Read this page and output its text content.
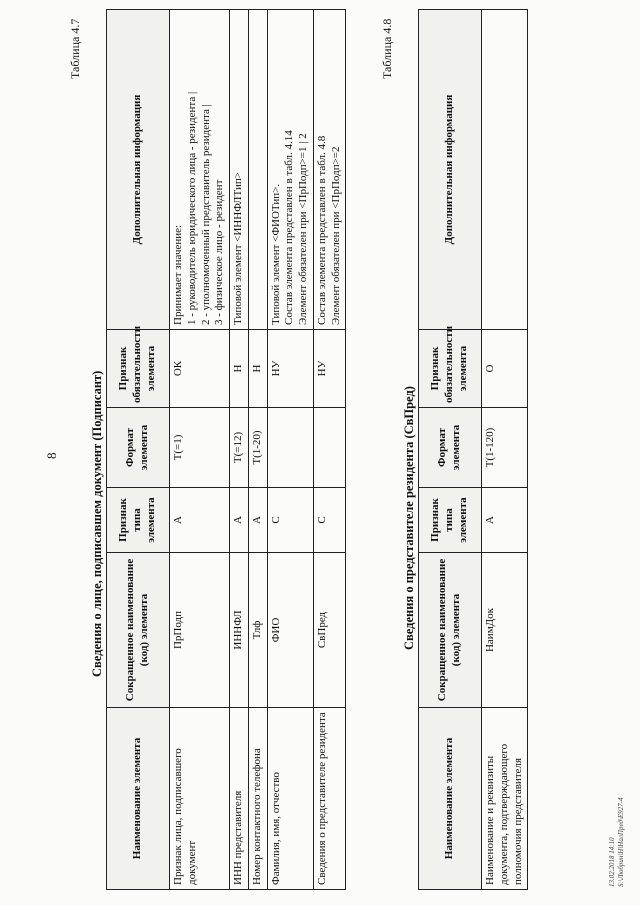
8
Таблица 4.7
Сведения о лице, подписавшем документ (Подписант)
Наименование элемента	Сокращенное наименование (код) элемента	Признак типа элемента	Формат элемента	Признак обязательности элемента	Дополнительная информация
Признак лица, подписавшего документ	ПрПодп	А	T(=1)	ОК	Принимает значение: 1 - руководитель юридического лица - резидента | 2 - уполномоченный представитель резидента | 3 - физическое лицо - резидент

ИНН представителя	ИННФЛ	А	T(=12)	Н	Типовой элемент <ИННФЛТип>

Номер контактного телефона	Тлф	А	T(1-20)	Н	
Фамилия, имя, отчество	ФИО	С		НУ	Типовой элемент <ФИОТип>. Состав элемента представлен в табл. 4.14 Элемент обязателен при <ПрПодп>=1 | 2

Сведения о представителе резидента	СвПред	С		НУ	Состав элемента представлен в табл. 4.8 Элемент обязателен при <ПрПодп>=2
Таблица 4.8
Сведения о представителе резидента (СвПред)
Наименование элемента	Сокращенное наименование (код) элемента	Признак типа элемента	Формат элемента	Признак обязательности элемента	Дополнительная информация
Наименование и реквизиты документа, подтверждающего полномочия представителя	НаимДок	А	T(1-120)	О	
13.02.2018 14:10 S:\Любрин\Н\НалПред\Е927-4
